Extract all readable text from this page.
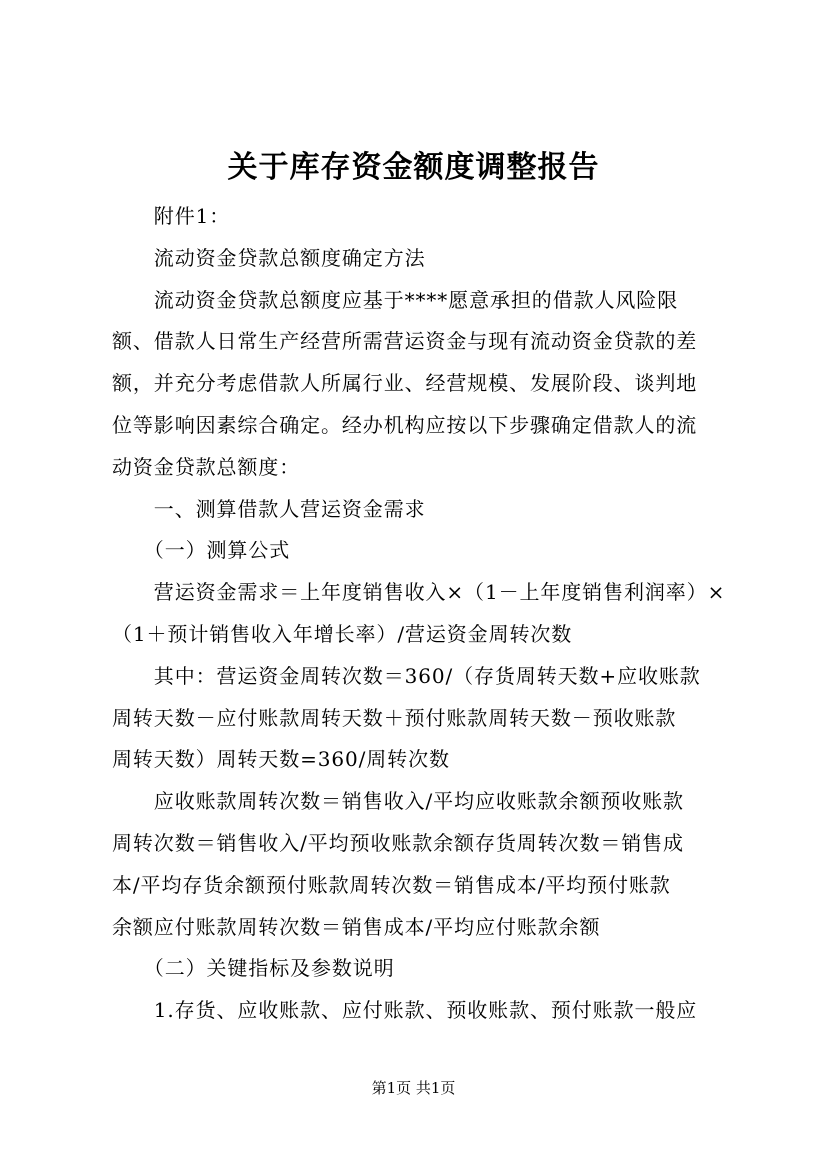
关于库存资金额度调整报告
　　附件1：
　　流动资金贷款总额度确定方法
　　流动资金贷款总额度应基于****愿意承担的借款人风险限
额、借款人日常生产经营所需营运资金与现有流动资金贷款的差
额，并充分考虑借款人所属行业、经营规模、发展阶段、谈判地
位等影响因素综合确定。经办机构应按以下步骤确定借款人的流
动资金贷款总额度：
　　一、测算借款人营运资金需求
　　（一）测算公式
　　营运资金需求＝上年度销售收入×（1－上年度销售利润率）×
（1＋预计销售收入年增长率）/营运资金周转次数
　　其中：营运资金周转次数＝360/（存货周转天数+应收账款
周转天数－应付账款周转天数＋预付账款周转天数－预收账款
周转天数）周转天数=360/周转次数
　　应收账款周转次数＝销售收入/平均应收账款余额预收账款
周转次数＝销售收入/平均预收账款余额存货周转次数＝销售成
本/平均存货余额预付账款周转次数＝销售成本/平均预付账款
余额应付账款周转次数＝销售成本/平均应付账款余额
　　（二）关键指标及参数说明
　　1.存货、应收账款、应付账款、预收账款、预付账款一般应
第1页 共1页
